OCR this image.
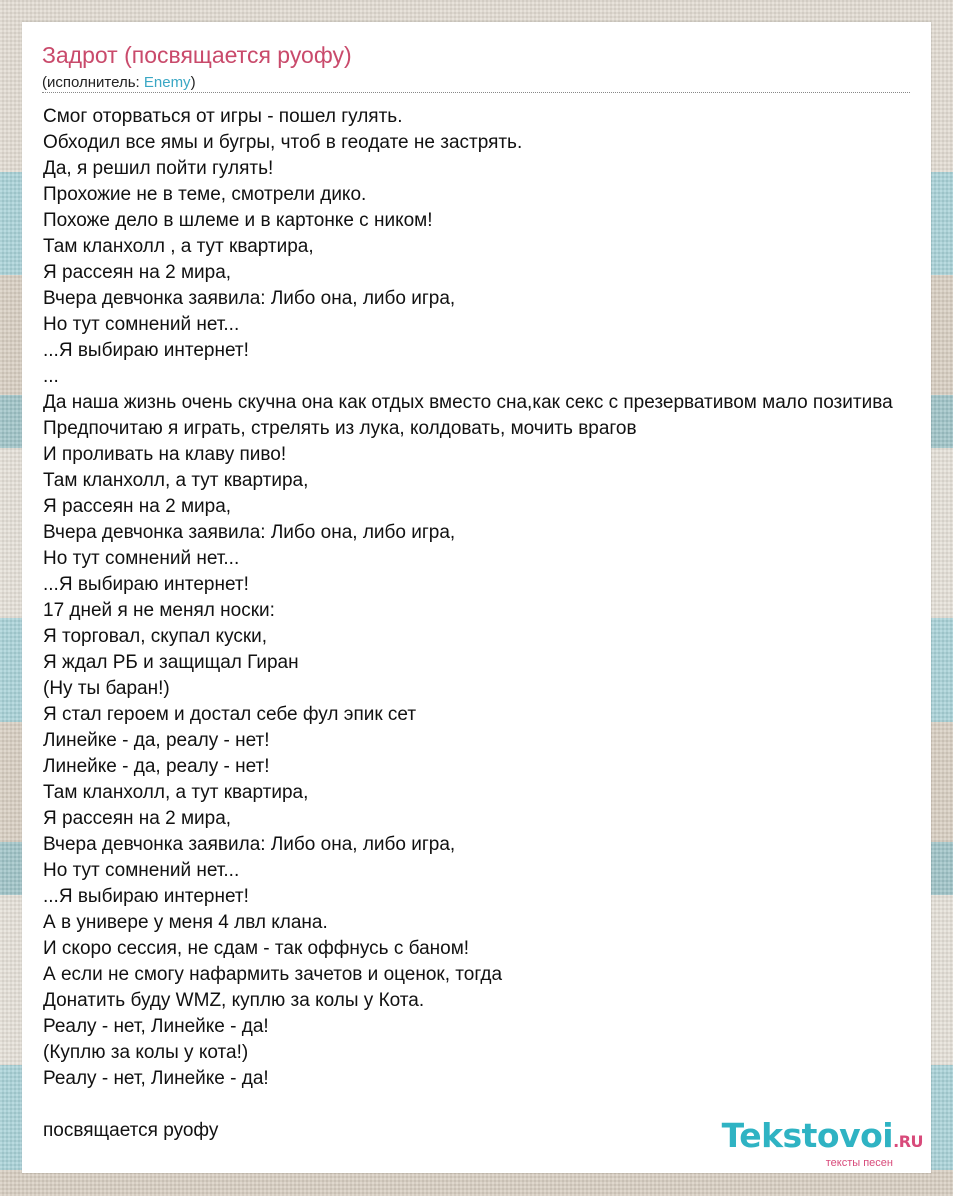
Задрот (посвящается руофу)
(исполнитель: Enemy)
Смог оторваться от игры - пошел гулять.
Обходил все ямы и бугры, чтоб в геодате не застрять.
Да, я решил пойти гулять!
Прохожие не в теме, смотрели дико.
Похоже дело в шлеме и в картонке с ником!
Там кланхолл , а тут квартира,
Я рассеян на 2 мира,
Вчера девчонка заявила: Либо она, либо игра,
Но тут сомнений нет...
...Я выбираю интернет!
...
Да наша жизнь очень скучна она как отдых вместо сна,как секс с презервативом мало позитива
Предпочитаю я играть, стрелять из лука, колдовать, мочить врагов
И проливать на клаву пиво!
Там кланхолл, а тут квартира,
Я рассеян на 2 мира,
Вчера девчонка заявила: Либо она, либо игра,
Но тут сомнений нет...
...Я выбираю интернет!
17 дней я не менял носки:
Я торговал, скупал куски,
Я ждал РБ и защищал Гиран
(Ну ты баран!)
Я стал героем и достал себе фул эпик сет
Линейке - да, реалу - нет!
Линейке - да, реалу - нет!
Там кланхолл, а тут квартира,
Я рассеян на 2 мира,
Вчера девчонка заявила: Либо она, либо игра,
Но тут сомнений нет...
...Я выбираю интернет!
А в универе у меня 4 лвл клана.
И скоро сессия, не сдам - так оффнусь с баном!
А если не смогу нафармить зачетов и оценок, тогда
Донатить буду WMZ, куплю за колы у Кота.
Реалу - нет, Линейке - да!
(Куплю за колы у кота!)
Реалу - нет, Линейке - да!
посвящается руофу	Tekstovoi.RU
тексты песен
